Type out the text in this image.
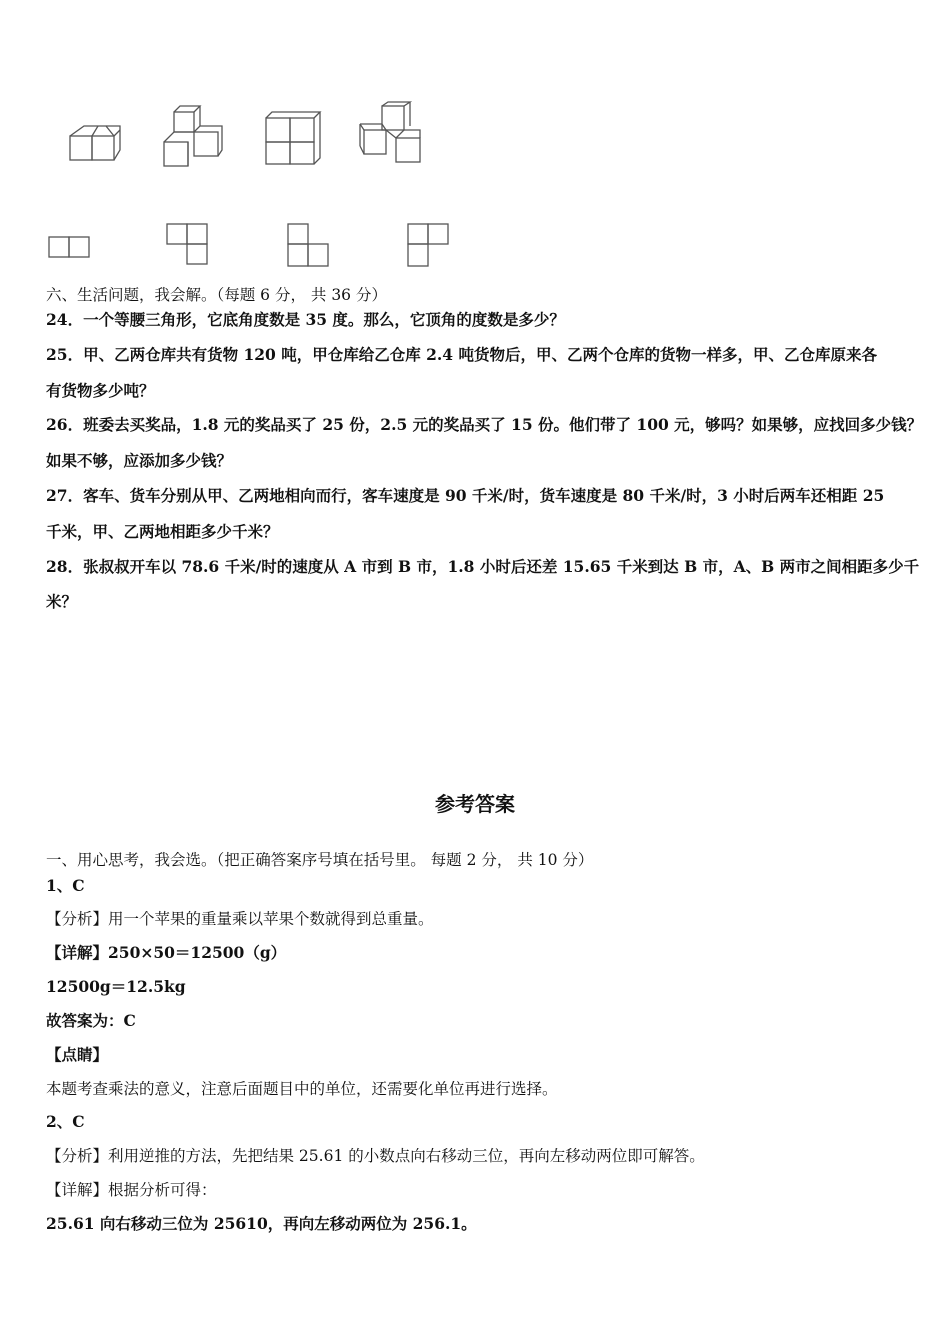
六、生活问题，我会解。（每题 6 分， 共 36 分）
24．一个等腰三角形，它底角度数是 35 度。那么，它顶角的度数是多少？
25．甲、乙两仓库共有货物 120 吨，甲仓库给乙仓库 2.4 吨货物后，甲、乙两个仓库的货物一样多，甲、乙仓库原来各
有货物多少吨？
26．班委去买奖品，1.8 元的奖品买了 25 份，2.5 元的奖品买了 15 份。他们带了 100 元，够吗？如果够，应找回多少钱？
如果不够，应添加多少钱？
27．客车、货车分别从甲、乙两地相向而行，客车速度是 90 千米/时，货车速度是 80 千米/时，3 小时后两车还相距 25
千米，甲、乙两地相距多少千米？
28．张叔叔开车以 78.6 千米/时的速度从 A 市到 B 市，1.8 小时后还差 15.65 千米到达 B 市，A、B 两市之间相距多少千
米？
参考答案
一、用心思考，我会选。（把正确答案序号填在括号里。 每题 2 分， 共 10 分）
1、C
【分析】用一个苹果的重量乘以苹果个数就得到总重量。
【详解】250×50＝12500（g）
12500g＝12.5kg
故答案为：C
【点睛】
本题考查乘法的意义，注意后面题目中的单位，还需要化单位再进行选择。
2、C
【分析】利用逆推的方法，先把结果 25.61 的小数点向右移动三位，再向左移动两位即可解答。
【详解】根据分析可得：
25.61 向右移动三位为 25610，再向左移动两位为 256.1。
